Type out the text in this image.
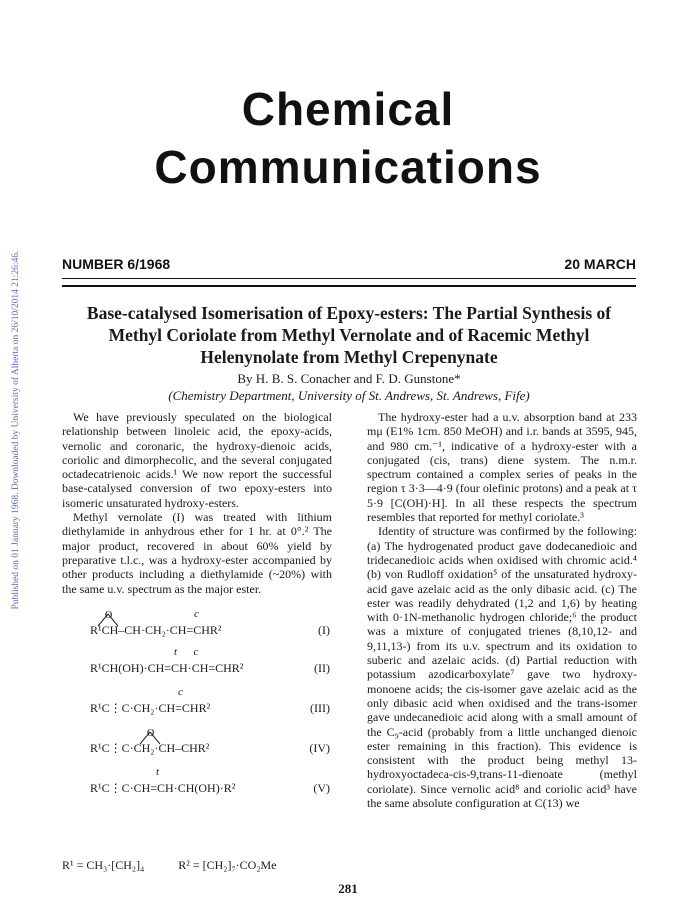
Published on 01 January 1968. Downloaded by University of Alberta on 26/10/2014 21:26:46.
Chemical
Communications
NUMBER 6/1968	20 MARCH
Base-catalysed Isomerisation of Epoxy-esters: The Partial Synthesis of
Methyl Coriolate from Methyl Vernolate and of Racemic Methyl
Helenynolate from Methyl Crepenynate
By H. B. S. Conacher and F. D. Gunstone*
(Chemistry Department, University of St. Andrews, St. Andrews, Fife)

We have previously speculated on the biological relationship between linoleic acid, the epoxy-acids, vernolic and coronaric, the hydroxy-dienoic acids, coriolic and dimorphecolic, and the several conjugated octadecatrienoic acids.¹ We now report the successful base-catalysed conversion of two epoxy-esters into isomeric unsaturated hydroxy-esters.

Methyl vernolate (I) was treated with lithium diethylamide in anhydrous ether for 1 hr. at 0°.² The major product, recovered in about 60% yield by preparative t.l.c., was a hydroxy-ester accompanied by other products including a diethylamide (~20%) with the same u.v. spectrum as the major ester.

O	c
R¹CH–CH·CH₂·CH=CHR²	(I)
t      c
R¹CH(OH)·CH=CH·CH=CHR²	(II)
c
R¹C⋮C·CH₂·CH=CHR²	(III)
O
R¹C⋮C·CH₂·CH–CHR²	(IV)
t
R¹C⋮C·CH=CH·CH(OH)·R²	(V)
R¹ = CH₃·[CH₂]₄	R² = [CH₂]₇·CO₂Me

The hydroxy-ester had a u.v. absorption band at 233 mμ (E1% 1cm. 850 MeOH) and i.r. bands at 3595, 945, and 980 cm.⁻¹, indicative of a hydroxy-ester with a conjugated (cis, trans) diene system. The n.m.r. spectrum contained a complex series of peaks in the region τ 3·3—4·9 (four olefinic protons) and a peak at τ 5·9 [C(OH)·H]. In all these respects the spectrum resembles that reported for methyl coriolate.³

Identity of structure was confirmed by the following: (a) The hydrogenated product gave dodecanedioic and tridecanedioic acids when oxidised with chromic acid.⁴ (b) von Rudloff oxidation⁵ of the unsaturated hydroxy-acid gave azelaic acid as the only dibasic acid. (c) The ester was readily dehydrated (1,2 and 1,6) by heating with 0·1N-methanolic hydrogen chloride;⁶ the product was a mixture of conjugated trienes (8,10,12- and 9,11,13-) from its u.v. spectrum and its oxidation to suberic and azelaic acids. (d) Partial reduction with potassium azodicarboxylate⁷ gave two hydroxy-monoene acids; the cis-isomer gave azelaic acid as the only dibasic acid when oxidised and the trans-isomer gave undecanedioic acid along with a small amount of the C₉-acid (probably from a little unchanged dienoic ester remaining in this fraction). This evidence is consistent with the product being methyl 13-hydroxyoctadeca-cis-9,trans-11-dienoate (methyl coriolate). Since vernolic acid⁸ and coriolic acid³ have the same absolute configuration at C(13) we

281
